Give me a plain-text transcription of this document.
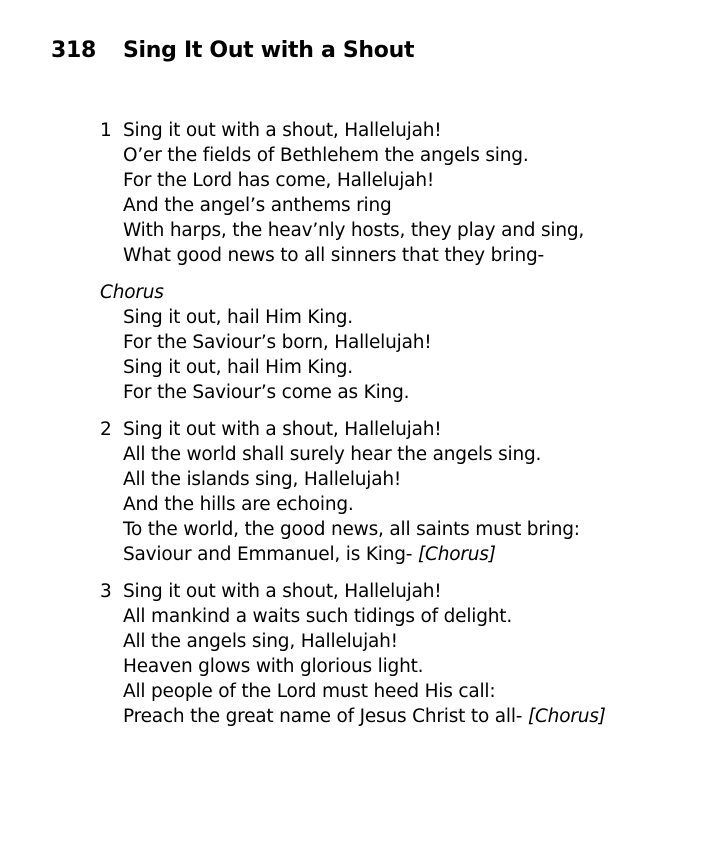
318 Sing It Out with a Shout
1 Sing it out with a shout, Hallelujah!
O’er the fields of Bethlehem the angels sing.
For the Lord has come, Hallelujah!
And the angel’s anthems ring
With harps, the heav’nly hosts, they play and sing,
What good news to all sinners that they bring-
Chorus
Sing it out, hail Him King.
For the Saviour’s born, Hallelujah!
Sing it out, hail Him King.
For the Saviour’s come as King.
2 Sing it out with a shout, Hallelujah!
All the world shall surely hear the angels sing.
All the islands sing, Hallelujah!
And the hills are echoing.
To the world, the good news, all saints must bring:
Saviour and Emmanuel, is King- [Chorus]
3 Sing it out with a shout, Hallelujah!
All mankind a waits such tidings of delight.
All the angels sing, Hallelujah!
Heaven glows with glorious light.
All people of the Lord must heed His call:
Preach the great name of Jesus Christ to all- [Chorus]
